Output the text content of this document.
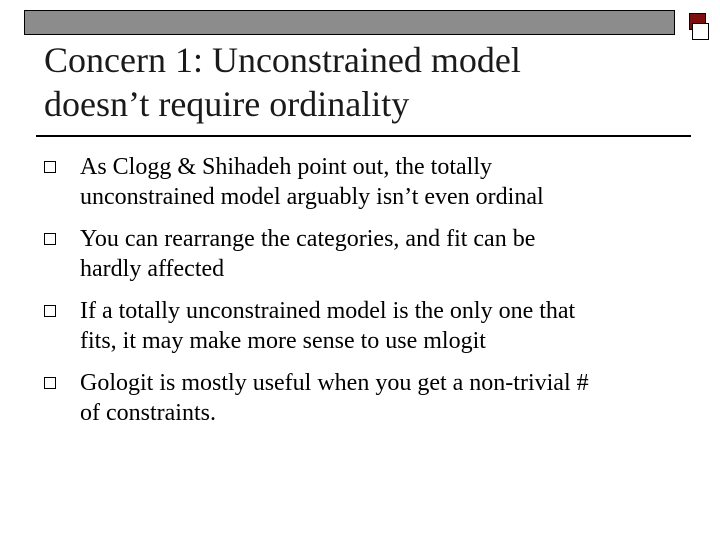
Concern 1: Unconstrained model
doesn’t require ordinality
As Clogg & Shihadeh point out, the totally
unconstrained model arguably isn’t even ordinal
You can rearrange the categories, and fit can be
hardly affected
If a totally unconstrained model is the only one that
fits, it may make more sense to use mlogit
Gologit is mostly useful when you get a non-trivial #
of constraints.
